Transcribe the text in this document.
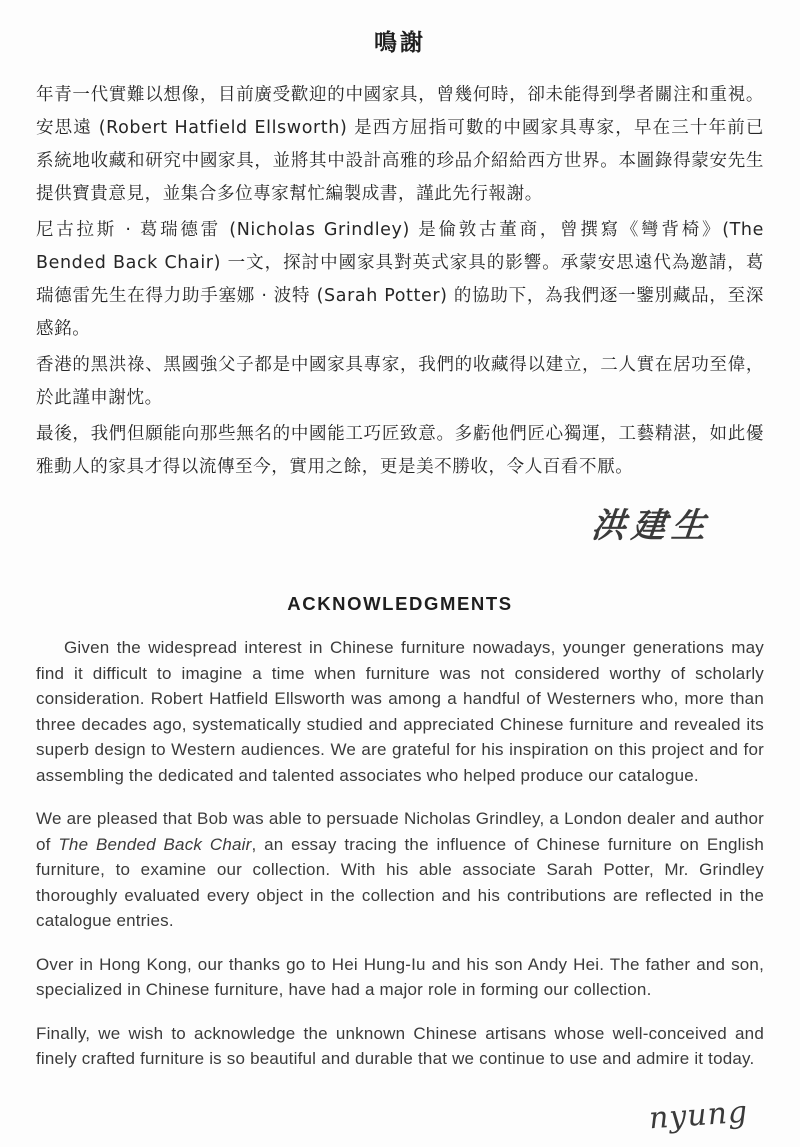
鳴謝

年青一代實難以想像，目前廣受歡迎的中國家具，曾幾何時，卻未能得到學者關注和重視。安思遠 (Robert Hatfield Ellsworth) 是西方屈指可數的中國家具專家，早在三十年前已系統地收藏和研究中國家具，並將其中設計高雅的珍品介紹給西方世界。本圖錄得蒙安先生提供寶貴意見，並集合多位專家幫忙編製成書，謹此先行報謝。

尼古拉斯 · 葛瑞德雷 (Nicholas Grindley) 是倫敦古董商，曾撰寫《彎背椅》(The Bended Back Chair) 一文，探討中國家具對英式家具的影響。承蒙安思遠代為邀請，葛瑞德雷先生在得力助手塞娜 · 波特 (Sarah Potter) 的協助下，為我們逐一鑒別藏品，至深感銘。

香港的黑洪祿、黑國強父子都是中國家具專家，我們的收藏得以建立，二人實在居功至偉，於此謹申謝忱。

最後，我們但願能向那些無名的中國能工巧匠致意。多虧他們匠心獨運，工藝精湛，如此優雅動人的家具才得以流傳至今，實用之餘，更是美不勝收，令人百看不厭。

洪建生
ACKNOWLEDGMENTS

Given the widespread interest in Chinese furniture nowadays, younger generations may find it difficult to imagine a time when furniture was not considered worthy of scholarly consideration. Robert Hatfield Ellsworth was among a handful of Westerners who, more than three decades ago, systematically studied and appreciated Chinese furniture and revealed its superb design to Western audiences. We are grateful for his inspiration on this project and for assembling the dedicated and talented associates who helped produce our catalogue.

We are pleased that Bob was able to persuade Nicholas Grindley, a London dealer and author of The Bended Back Chair, an essay tracing the influence of Chinese furniture on English furniture, to examine our collection. With his able associate Sarah Potter, Mr. Grindley thoroughly evaluated every object in the collection and his contributions are reflected in the catalogue entries.

Over in Hong Kong, our thanks go to Hei Hung-Iu and his son Andy Hei. The father and son, specialized in Chinese furniture, have had a major role in forming our collection.

Finally, we wish to acknowledge the unknown Chinese artisans whose well-conceived and finely crafted furniture is so beautiful and durable that we continue to use and admire it today.

nyung
